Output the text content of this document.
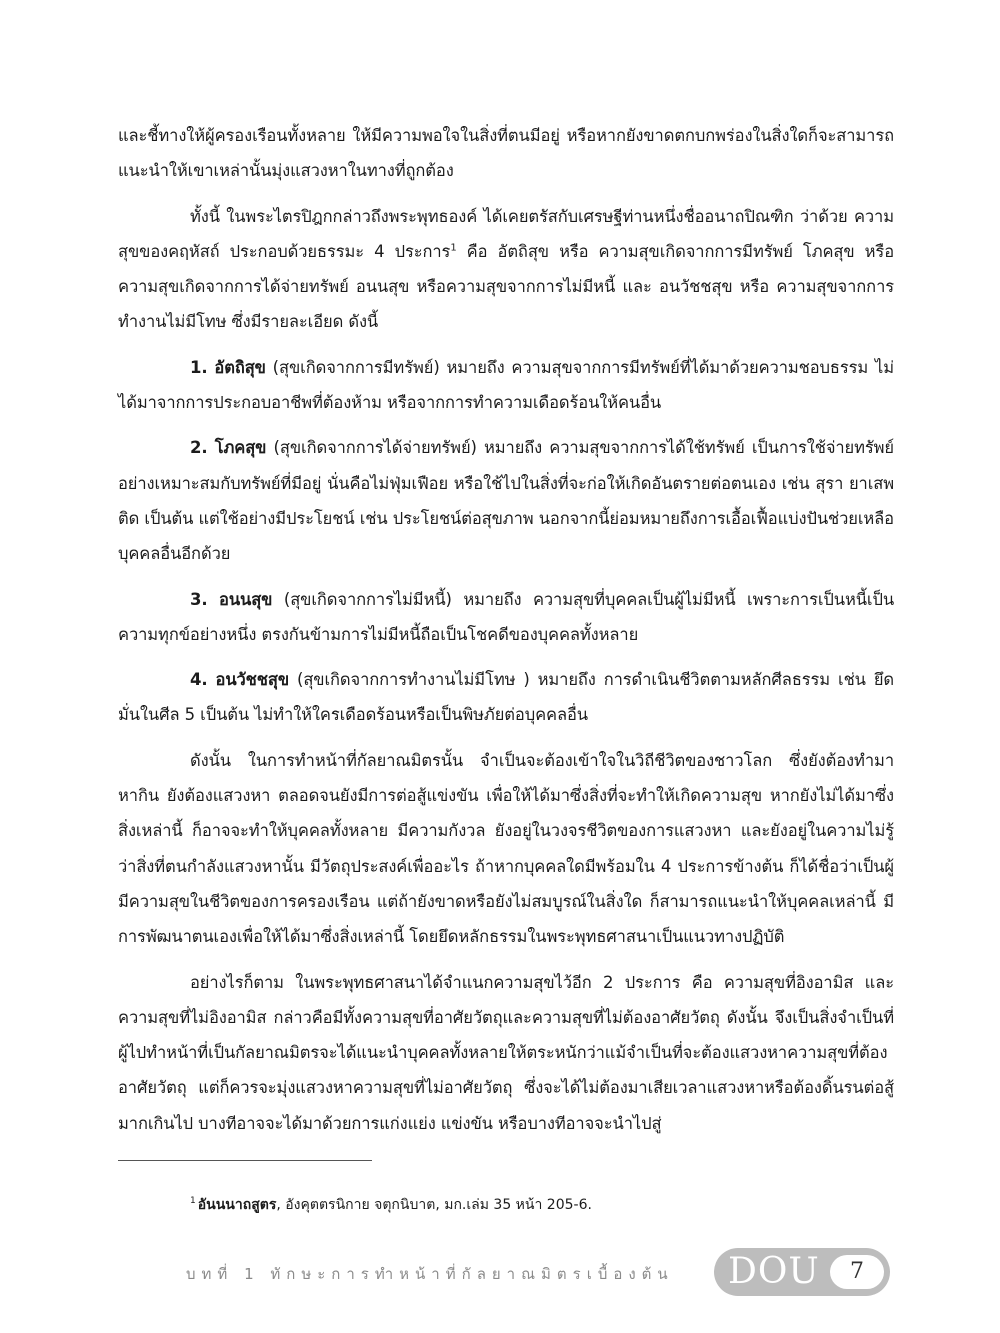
และชี้ทางให้ผู้ครองเรือนทั้งหลาย ให้มีความพอใจในสิ่งที่ตนมีอยู่ หรือหากยังขาดตกบกพร่องในสิ่งใดก็จะสามารถแนะนำให้เขาเหล่านั้นมุ่งแสวงหาในทางที่ถูกต้อง

ทั้งนี้ ในพระไตรปิฎกกล่าวถึงพระพุทธองค์ ได้เคยตรัสกับเศรษฐีท่านหนึ่งชื่ออนาถปิณฑิก ว่าด้วย ความสุขของคฤหัสถ์ ประกอบด้วยธรรมะ 4 ประการ$^1$ คือ อัตถิสุข หรือ ความสุขเกิดจากการมีทรัพย์ โภคสุข หรือ ความสุขเกิดจากการได้จ่ายทรัพย์ อนนสุข หรือความสุขจากการไม่มีหนี้ และ อนวัชชสุข หรือ ความสุขจากการทำงานไม่มีโทษ ซึ่งมีรายละเอียด ดังนี้

1. อัตถิสุข (สุขเกิดจากการมีทรัพย์) หมายถึง ความสุขจากการมีทรัพย์ที่ได้มาด้วยความชอบธรรม ไม่ได้มาจากการประกอบอาชีพที่ต้องห้าม หรือจากการทำความเดือดร้อนให้คนอื่น

2. โภคสุข (สุขเกิดจากการได้จ่ายทรัพย์) หมายถึง ความสุขจากการได้ใช้ทรัพย์ เป็นการใช้จ่ายทรัพย์อย่างเหมาะสมกับทรัพย์ที่มีอยู่ นั่นคือไม่ฟุ่มเฟือย หรือใช้ไปในสิ่งที่จะก่อให้เกิดอันตรายต่อตนเอง เช่น สุรา ยาเสพติด เป็นต้น แต่ใช้อย่างมีประโยชน์ เช่น ประโยชน์ต่อสุขภาพ นอกจากนี้ย่อมหมายถึงการเอื้อเฟื้อแบ่งปันช่วยเหลือบุคคลอื่นอีกด้วย

3. อนนสุข (สุขเกิดจากการไม่มีหนี้) หมายถึง ความสุขที่บุคคลเป็นผู้ไม่มีหนี้ เพราะการเป็นหนี้เป็นความทุกข์อย่างหนึ่ง ตรงกันข้ามการไม่มีหนี้ถือเป็นโชคดีของบุคคลทั้งหลาย

4. อนวัชชสุข (สุขเกิดจากการทำงานไม่มีโทษ ) หมายถึง การดำเนินชีวิตตามหลักศีลธรรม เช่น ยึดมั่นในศีล 5 เป็นต้น ไม่ทำให้ใครเดือดร้อนหรือเป็นพิษภัยต่อบุคคลอื่น

ดังนั้น ในการทำหน้าที่กัลยาณมิตรนั้น จำเป็นจะต้องเข้าใจในวิถีชีวิตของชาวโลก ซึ่งยังต้องทำมาหากิน ยังต้องแสวงหา ตลอดจนยังมีการต่อสู้แข่งขัน เพื่อให้ได้มาซึ่งสิ่งที่จะทำให้เกิดความสุข หากยังไม่ได้มาซึ่งสิ่งเหล่านี้ ก็อาจจะทำให้บุคคลทั้งหลาย มีความกังวล ยังอยู่ในวงจรชีวิตของการแสวงหา และยังอยู่ในความไม่รู้ว่าสิ่งที่ตนกำลังแสวงหานั้น มีวัตถุประสงค์เพื่ออะไร ถ้าหากบุคคลใดมีพร้อมใน 4 ประการข้างต้น ก็ได้ชื่อว่าเป็นผู้มีความสุขในชีวิตของการครองเรือน แต่ถ้ายังขาดหรือยังไม่สมบูรณ์ในสิ่งใด ก็สามารถแนะนำให้บุคคลเหล่านี้ มีการพัฒนาตนเองเพื่อให้ได้มาซึ่งสิ่งเหล่านี้ โดยยึดหลักธรรมในพระพุทธศาสนาเป็นแนวทางปฏิบัติ

อย่างไรก็ตาม ในพระพุทธศาสนาได้จำแนกความสุขไว้อีก 2 ประการ คือ ความสุขที่อิงอามิส และความสุขที่ไม่อิงอามิส กล่าวคือมีทั้งความสุขที่อาศัยวัตถุและความสุขที่ไม่ต้องอาศัยวัตถุ ดังนั้น จึงเป็นสิ่งจำเป็นที่ผู้ไปทำหน้าที่เป็นกัลยาณมิตรจะได้แนะนำบุคคลทั้งหลายให้ตระหนักว่าแม้จำเป็นที่จะต้องแสวงหาความสุขที่ต้องอาศัยวัตถุ แต่ก็ควรจะมุ่งแสวงหาความสุขที่ไม่อาศัยวัตถุ ซึ่งจะได้ไม่ต้องมาเสียเวลาแสวงหาหรือต้องดิ้นรนต่อสู้มากเกินไป บางทีอาจจะได้มาด้วยการแก่งแย่ง แข่งขัน หรือบางทีอาจจะนำไปสู่

$^1$ อันนนาถสูตร, อังคุตตรนิกาย จตุกนิบาต, มก.เล่ม 35 หน้า 205-6.
บทที่ 1 ทักษะการทำหน้าที่กัลยาณมิตรเบื้องต้น	DOU	7
